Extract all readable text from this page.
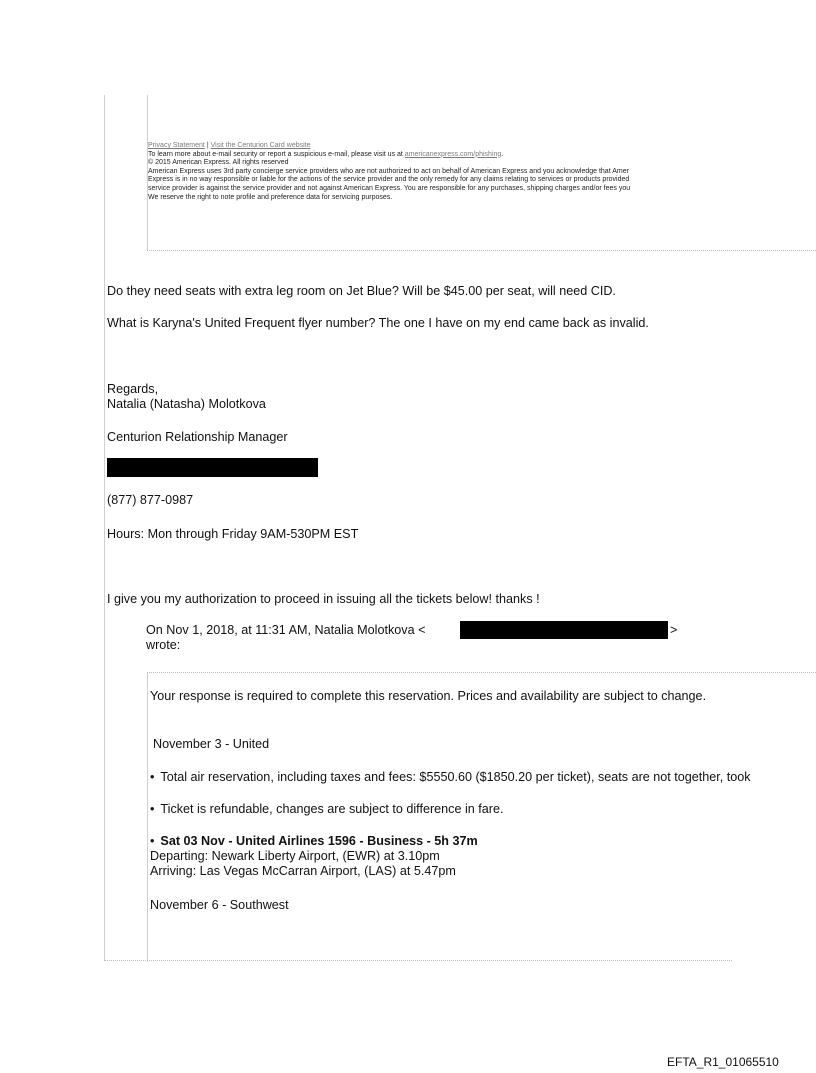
Privacy Statement | Visit the Centurion Card website
To learn more about e-mail security or report a suspicious e-mail, please visit us at americanexpress.com/phishing.
© 2015 American Express. All rights reserved
American Express uses 3rd party concierge service providers who are not authorized to act on behalf of American Express and you acknowledge that Amer
Express is in no way responsible or liable for the actions of the service provider and the only remedy for any claims relating to services or products provided
service provider is against the service provider and not against American Express. You are responsible for any purchases, shipping charges and/or fees you
We reserve the right to note profile and preference data for servicing purposes.
Do they need seats with extra leg room on Jet Blue? Will be $45.00 per seat, will need CID.
What is Karyna's United Frequent flyer number? The one I have on my end came back as invalid.
Regards,
Natalia (Natasha) Molotkova
Centurion Relationship Manager
(877) 877-0987
Hours: Mon through Friday 9AM-530PM EST
I give you my authorization to proceed in issuing all the tickets below! thanks !
On Nov 1, 2018, at 11:31 AM, Natalia Molotkova <	>
wrote:
Your response is required to complete this reservation. Prices and availability are subject to change.
November 3 - United
• Total air reservation, including taxes and fees: $5550.60 ($1850.20 per ticket), seats are not together, took
• Ticket is refundable, changes are subject to difference in fare.
• Sat 03 Nov - United Airlines 1596 - Business - 5h 37m
Departing: Newark Liberty Airport, (EWR) at 3.10pm
Arriving: Las Vegas McCarran Airport, (LAS) at 5.47pm
November 6 - Southwest
EFTA_R1_01065510
